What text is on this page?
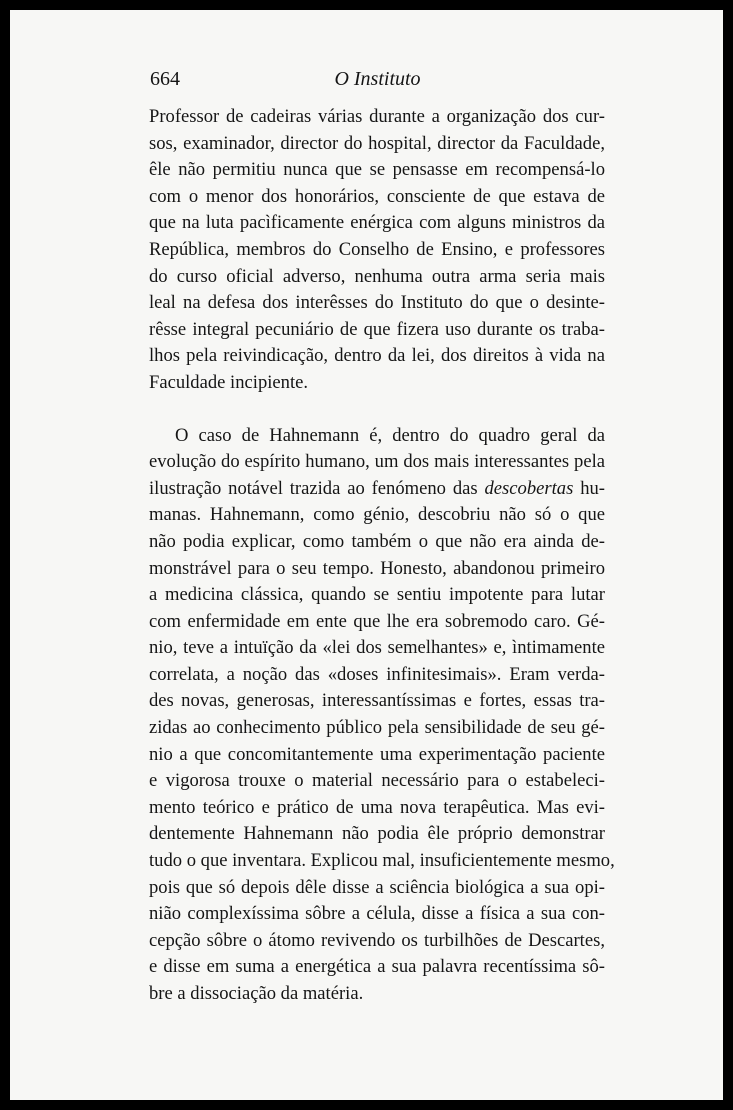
664	O Instituto
Professor de cadeiras várias durante a organização dos cur-
sos, examinador, director do hospital, director da Faculdade,
êle não permitiu nunca que se pensasse em recompensá-lo
com o menor dos honorários, consciente de que estava de
que na luta pacìficamente enérgica com alguns ministros da
República, membros do Conselho de Ensino, e professores
do curso oficial adverso, nenhuma outra arma seria mais
leal na defesa dos interêsses do Instituto do que o desinte-
rêsse integral pecuniário de que fizera uso durante os traba-
lhos pela reivindicação, dentro da lei, dos direitos à vida na
Faculdade incipiente.
O caso de Hahnemann é, dentro do quadro geral da
evolução do espírito humano, um dos mais interessantes pela
ilustração notável trazida ao fenómeno das descobertas hu-
manas. Hahnemann, como génio, descobriu não só o que
não podia explicar, como também o que não era ainda de-
monstrável para o seu tempo. Honesto, abandonou primeiro
a medicina clássica, quando se sentiu impotente para lutar
com enfermidade em ente que lhe era sobremodo caro. Gé-
nio, teve a intuïção da «lei dos semelhantes» e, ìntimamente
correlata, a noção das «doses infinitesimais». Eram verda-
des novas, generosas, interessantíssimas e fortes, essas tra-
zidas ao conhecimento público pela sensibilidade de seu gé-
nio a que concomitantemente uma experimentação paciente
e vigorosa trouxe o material necessário para o estabeleci-
mento teórico e prático de uma nova terapêutica. Mas evi-
dentemente Hahnemann não podia êle próprio demonstrar
tudo o que inventara. Explicou mal, insuficientemente mesmo,
pois que só depois dêle disse a sciência biológica a sua opi-
nião complexíssima sôbre a célula, disse a física a sua con-
cepção sôbre o átomo revivendo os turbilhões de Descartes,
e disse em suma a energética a sua palavra recentíssima sô-
bre a dissociação da matéria.
